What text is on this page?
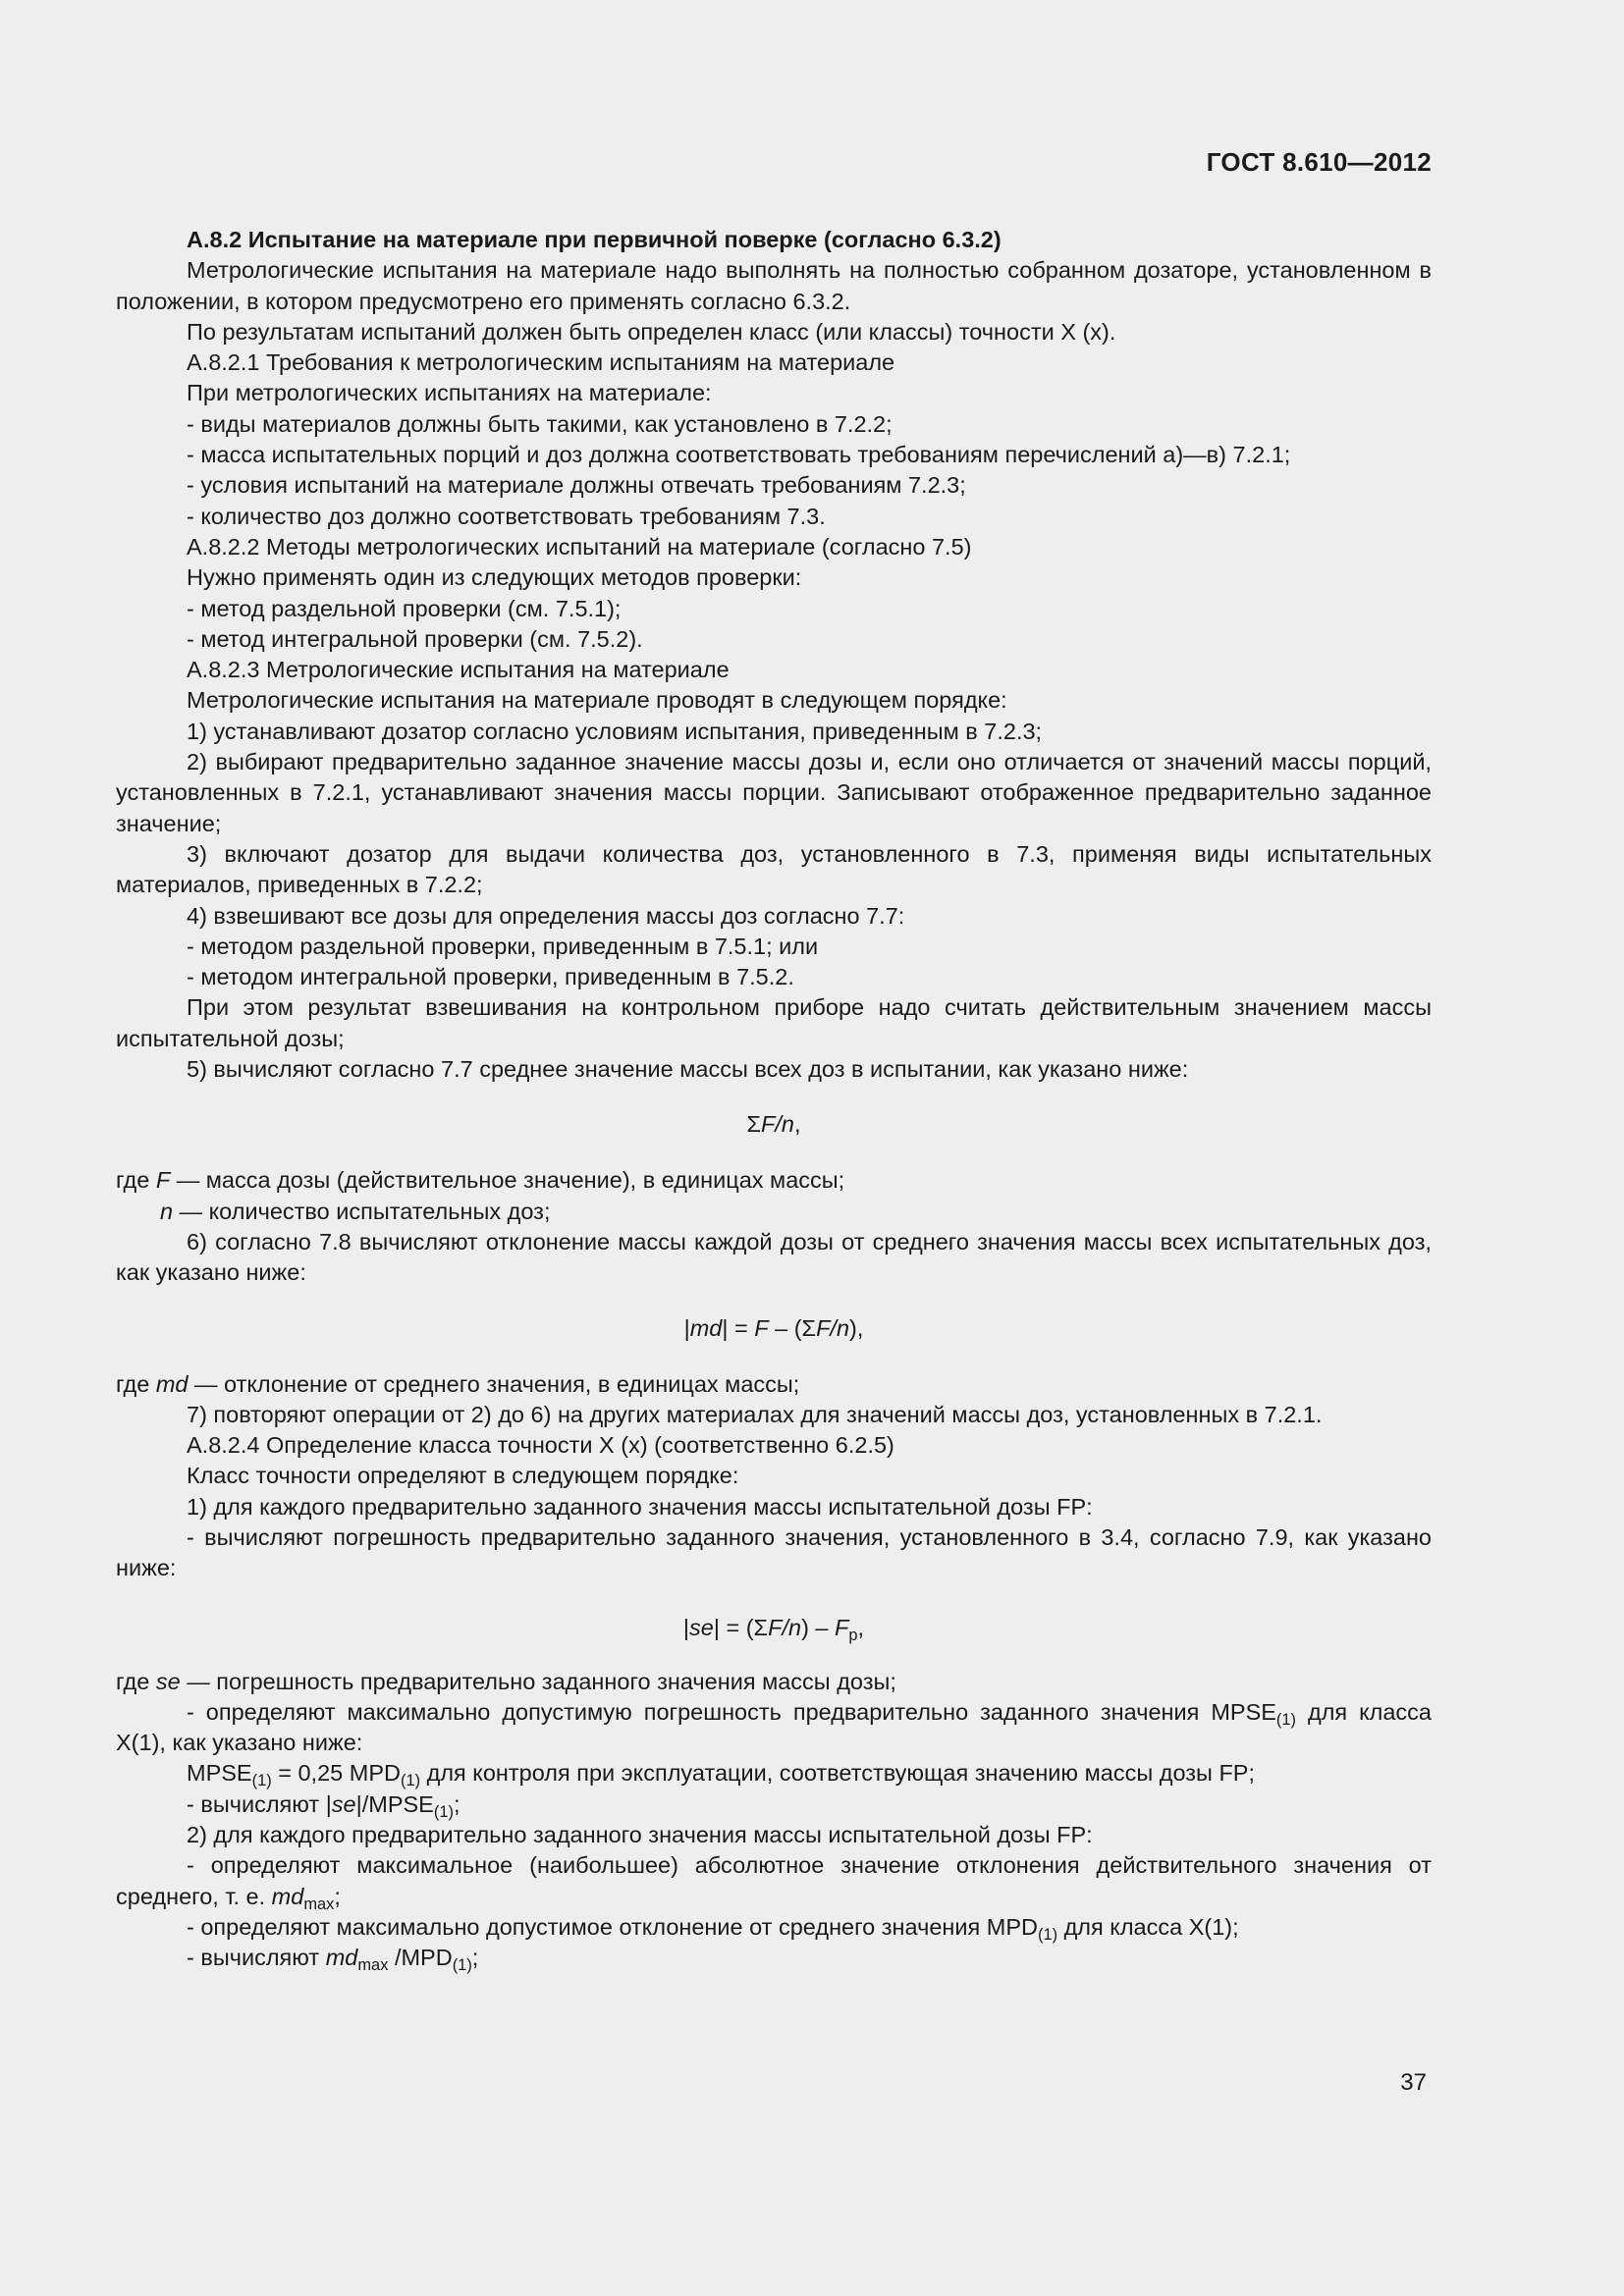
ГОСТ 8.610—2012
А.8.2 Испытание на материале при первичной поверке (согласно 6.3.2)
Метрологические испытания на материале надо выполнять на полностью собранном дозаторе, установленном в положении, в котором предусмотрено его применять согласно 6.3.2.
По результатам испытаний должен быть определен класс (или классы) точности X (x).
А.8.2.1 Требования к метрологическим испытаниям на материале
При метрологических испытаниях на материале:
- виды материалов должны быть такими, как установлено в 7.2.2;
- масса испытательных порций и доз должна соответствовать требованиям перечислений а)—в) 7.2.1;
- условия испытаний на материале должны отвечать требованиям 7.2.3;
- количество доз должно соответствовать требованиям 7.3.
А.8.2.2 Методы метрологических испытаний на материале (согласно 7.5)
Нужно применять один из следующих методов проверки:
- метод раздельной проверки (см. 7.5.1);
- метод интегральной проверки (см. 7.5.2).
А.8.2.3 Метрологические испытания на материале
Метрологические испытания на материале проводят в следующем порядке:
1) устанавливают дозатор согласно условиям испытания, приведенным в 7.2.3;
2) выбирают предварительно заданное значение массы дозы и, если оно отличается от значений массы порций, установленных в 7.2.1, устанавливают значения массы порции. Записывают отображенное предварительно заданное значение;
3) включают дозатор для выдачи количества доз, установленного в 7.3, применяя виды испытательных материалов, приведенных в 7.2.2;
4) взвешивают все дозы для определения массы доз согласно 7.7:
- методом раздельной проверки, приведенным в 7.5.1; или
- методом интегральной проверки, приведенным в 7.5.2.
При этом результат взвешивания на контрольном приборе надо считать действительным значением массы испытательной дозы;
5) вычисляют согласно 7.7 среднее значение массы всех доз в испытании, как указано ниже:
ΣF/n,
где F — масса дозы (действительное значение), в единицах массы;
n — количество испытательных доз;
6) согласно 7.8 вычисляют отклонение массы каждой дозы от среднего значения массы всех испытательных доз, как указано ниже:
|md| = F – (ΣF/n),
где md — отклонение от среднего значения, в единицах массы;
7) повторяют операции от 2) до 6) на других материалах для значений массы доз, установленных в 7.2.1.
А.8.2.4 Определение класса точности X (x) (соответственно 6.2.5)
Класс точности определяют в следующем порядке:
1) для каждого предварительно заданного значения массы испытательной дозы FP:
- вычисляют погрешность предварительно заданного значения, установленного в 3.4, согласно 7.9, как указано ниже:
$|se| = (\Sigma F/n) - F_p$,
где se — погрешность предварительно заданного значения массы дозы;
- определяют максимально допустимую погрешность предварительно заданного значения $MPSE_{(1)}$ для класса X(1), как указано ниже:
$MPSE_{(1)} = 0,25$ $MPD_{(1)}$ для контроля при эксплуатации, соответствующая значению массы дозы FP;
- вычисляют $|se|/MPSE_{(1)}$;
2) для каждого предварительно заданного значения массы испытательной дозы FP:
- определяют максимальное (наибольшее) абсолютное значение отклонения действительного значения от среднего, т. е. $md_{max}$;
- определяют максимально допустимое отклонение от среднего значения $MPD_{(1)}$ для класса X(1);
- вычисляют $md_{max}$ $/MPD_{(1)}$;
37
